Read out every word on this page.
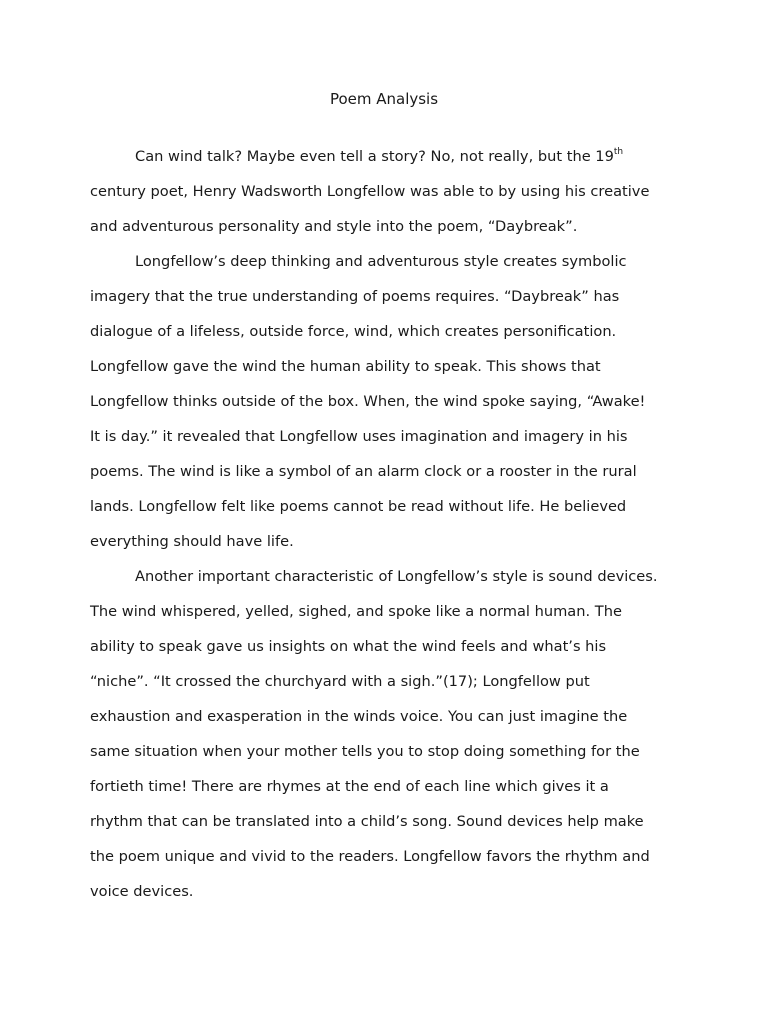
Poem Analysis
Can wind talk? Maybe even tell a story? No, not really, but the 19th
century poet, Henry Wadsworth Longfellow was able to by using his creative
and adventurous personality and style into the poem, “Daybreak”.
Longfellow’s deep thinking and adventurous style creates symbolic
imagery that the true understanding of poems requires. “Daybreak” has
dialogue of a lifeless, outside force, wind, which creates personification.
Longfellow gave the wind the human ability to speak. This shows that
Longfellow thinks outside of the box. When, the wind spoke saying, “Awake!
It is day.” it revealed that Longfellow uses imagination and imagery in his
poems. The wind is like a symbol of an alarm clock or a rooster in the rural
lands. Longfellow felt like poems cannot be read without life. He believed
everything should have life.
Another important characteristic of Longfellow’s style is sound devices.
The wind whispered, yelled, sighed, and spoke like a normal human. The
ability to speak gave us insights on what the wind feels and what’s his
“niche”. “It crossed the churchyard with a sigh.”(17); Longfellow put
exhaustion and exasperation in the winds voice. You can just imagine the
same situation when your mother tells you to stop doing something for the
fortieth time! There are rhymes at the end of each line which gives it a
rhythm that can be translated into a child’s song. Sound devices help make
the poem unique and vivid to the readers. Longfellow favors the rhythm and
voice devices.
